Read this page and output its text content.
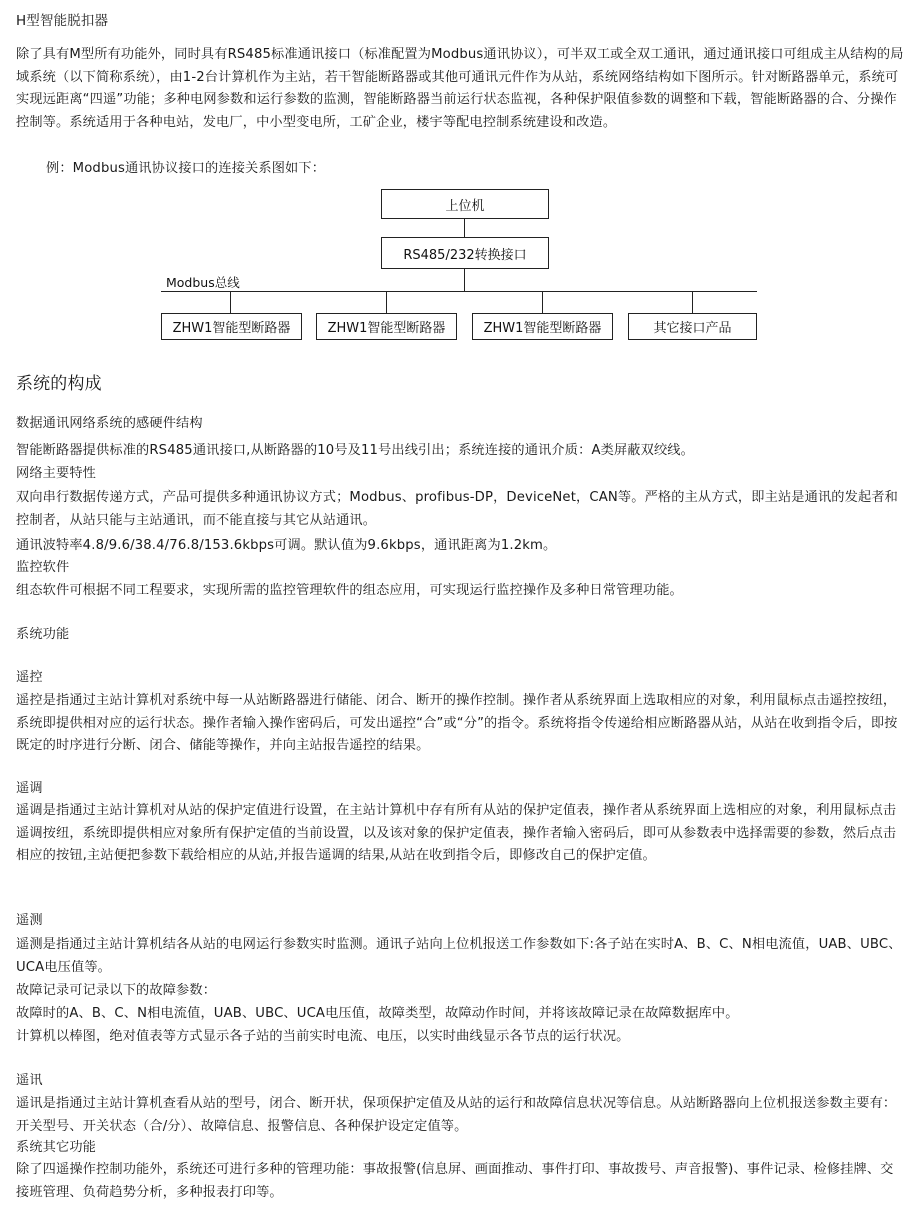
H型智能脱扣器

除了具有M型所有功能外，同时具有RS485标准通讯接口（标准配置为Modbus通讯协议），可半双工或全双工通讯，通过通讯接口可组成主从结构的局域系统（以下简称系统），由1-2台计算机作为主站，若干智能断路器或其他可通讯元件作为从站，系统网络结构如下图所示。针对断路器单元，系统可实现远距离“四遥”功能；多种电网参数和运行参数的监测，智能断路器当前运行状态监视，各种保护限值参数的调整和下载，智能断路器的合、分操作控制等。系统适用于各种电站，发电厂，中小型变电所，工矿企业，楼宇等配电控制系统建设和改造。

例：Modbus通讯协议接口的连接关系图如下：

上位机
RS485/232转换接口
Modbus总线
ZHW1智能型断路器	ZHW1智能型断路器	ZHW1智能型断路器	其它接口产品

系统的构成

数据通讯网络系统的感硬件结构

智能断路器提供标准的RS485通讯接口,从断路器的10号及11号出线引出；系统连接的通讯介质：A类屏蔽双绞线。

网络主要特性

双向串行数据传递方式，产品可提供多种通讯协议方式；Modbus、profibus-DP，DeviceNet，CAN等。严格的主从方式，即主站是通讯的发起者和控制者，从站只能与主站通讯，而不能直接与其它从站通讯。

通讯波特率4.8/9.6/38.4/76.8/153.6kbps可调。默认值为9.6kbps，通讯距离为1.2km。

监控软件

组态软件可根据不同工程要求，实现所需的监控管理软件的组态应用，可实现运行监控操作及多种日常管理功能。

系统功能

遥控

遥控是指通过主站计算机对系统中每一从站断路器进行储能、闭合、断开的操作控制。操作者从系统界面上选取相应的对象，利用鼠标点击遥控按纽，系统即提供相对应的运行状态。操作者输入操作密码后，可发出遥控“合”或“分”的指令。系统将指令传递给相应断路器从站，从站在收到指令后，即按既定的时序进行分断、闭合、储能等操作，并向主站报告遥控的结果。

遥调

遥调是指通过主站计算机对从站的保护定值进行设置，在主站计算机中存有所有从站的保护定值表，操作者从系统界面上选相应的对象，利用鼠标点击遥调按纽，系统即提供相应对象所有保护定值的当前设置，以及该对象的保护定值表，操作者输入密码后，即可从参数表中选择需要的参数，然后点击相应的按钮,主站便把参数下载给相应的从站,并报告遥调的结果,从站在收到指令后，即修改自己的保护定值。

遥测

遥测是指通过主站计算机结各从站的电网运行参数实时监测。通讯子站向上位机报送工作参数如下:各子站在实时A、B、C、N相电流值，UAB、UBC、UCA电压值等。

故障记录可记录以下的故障参数：

故障时的A、B、C、N相电流值，UAB、UBC、UCA电压值，故障类型，故障动作时间，并将该故障记录在故障数据库中。

计算机以棒图，绝对值表等方式显示各子站的当前实时电流、电压，以实时曲线显示各节点的运行状况。

遥讯

遥讯是指通过主站计算机查看从站的型号，闭合、断开状，保项保护定值及从站的运行和故障信息状况等信息。从站断路器向上位机报送参数主要有：开关型号、开关状态（合/分）、故障信息、报警信息、各种保护设定定值等。

系统其它功能

除了四遥操作控制功能外，系统还可进行多种的管理功能：事故报警(信息屏、画面推动、事件打印、事故拨号、声音报警)、事件记录、检修挂牌、交接班管理、负荷趋势分析，多种报表打印等。
